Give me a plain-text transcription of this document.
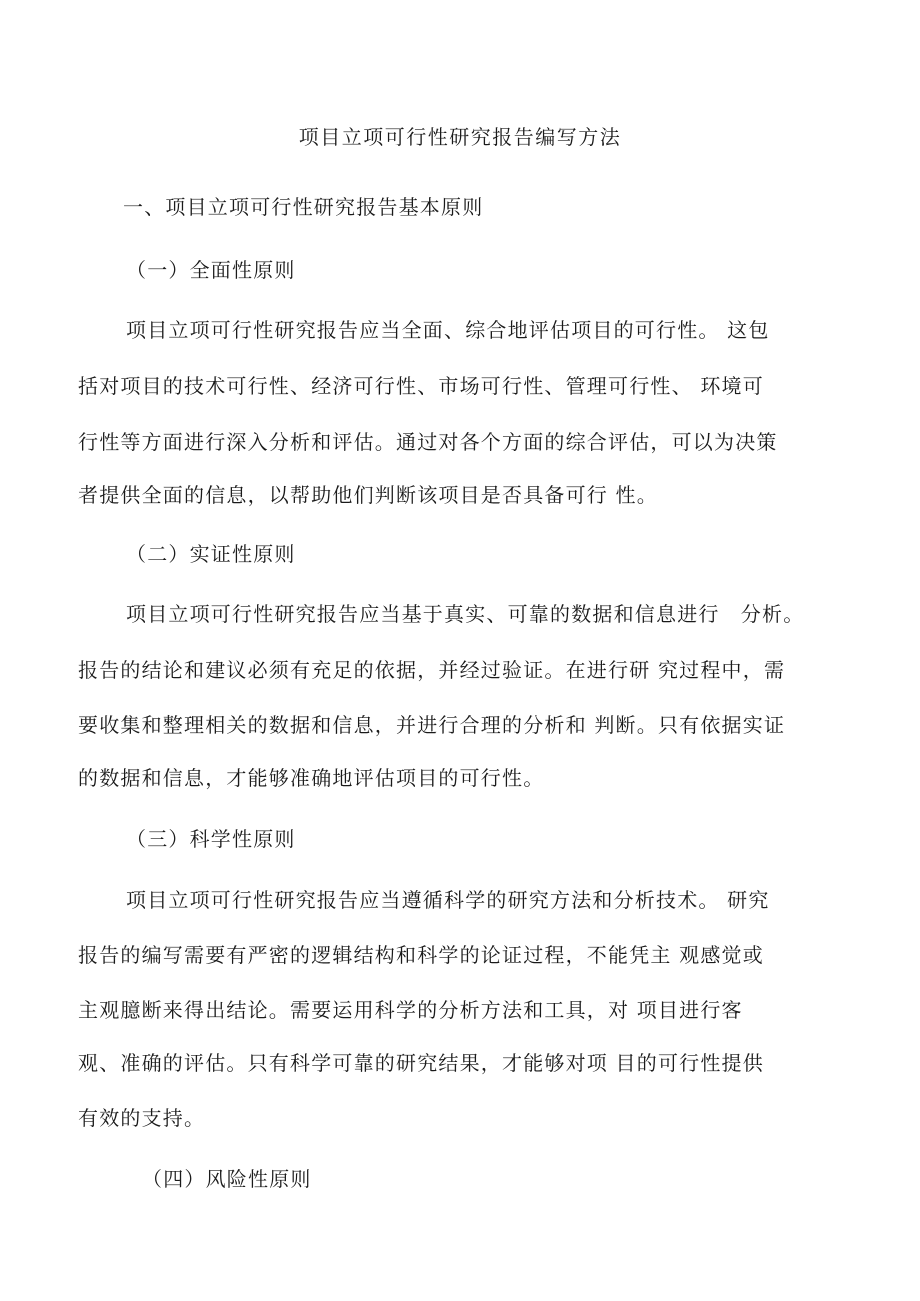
项目立项可行性研究报告编写方法
一、项目立项可行性研究报告基本原则
（一）全面性原则
项目立项可行性研究报告应当全面、综合地评估项目的可行性。 这包
括对项目的技术可行性、经济可行性、市场可行性、管理可行性、 环境可
行性等方面进行深入分析和评估。通过对各个方面的综合评估，可以为决策
者提供全面的信息，以帮助他们判断该项目是否具备可行 性。
（二）实证性原则
项目立项可行性研究报告应当基于真实、可靠的数据和信息进行　分析。
报告的结论和建议必须有充足的依据，并经过验证。在进行研 究过程中，需
要收集和整理相关的数据和信息，并进行合理的分析和 判断。只有依据实证
的数据和信息，才能够准确地评估项目的可行性。
（三）科学性原则
项目立项可行性研究报告应当遵循科学的研究方法和分析技术。 研究
报告的编写需要有严密的逻辑结构和科学的论证过程，不能凭主 观感觉或
主观臆断来得出结论。需要运用科学的分析方法和工具，对 项目进行客
观、准确的评估。只有科学可靠的研究结果，才能够对项 目的可行性提供
有效的支持。
（四）风险性原则
